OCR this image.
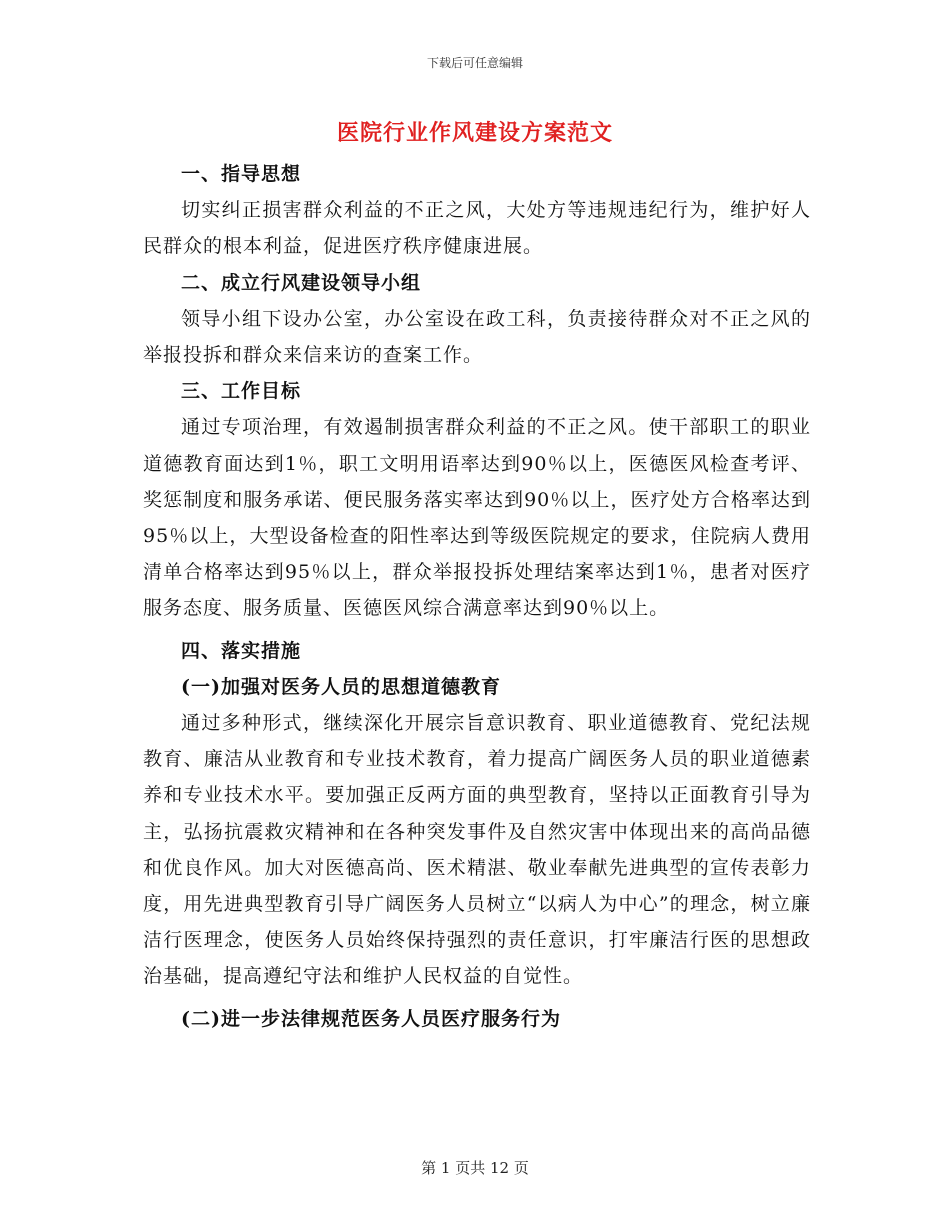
下载后可任意编辑
医院行业作风建设方案范文

一、指导思想

切实纠正损害群众利益的不正之风，大处方等违规违纪行为，维护好人民群众的根本利益，促进医疗秩序健康进展。

二、成立行风建设领导小组

领导小组下设办公室，办公室设在政工科，负责接待群众对不正之风的举报投拆和群众来信来访的查案工作。

三、工作目标

通过专项治理，有效遏制损害群众利益的不正之风。使干部职工的职业道德教育面达到1％，职工文明用语率达到90％以上，医德医风检查考评、奖惩制度和服务承诺、便民服务落实率达到90％以上，医疗处方合格率达到95％以上，大型设备检查的阳性率达到等级医院规定的要求，住院病人费用清单合格率达到95％以上，群众举报投拆处理结案率达到1％，患者对医疗服务态度、服务质量、医德医风综合满意率达到90％以上。

四、落实措施

(一)加强对医务人员的思想道德教育

通过多种形式，继续深化开展宗旨意识教育、职业道德教育、党纪法规教育、廉洁从业教育和专业技术教育，着力提高广阔医务人员的职业道德素养和专业技术水平。要加强正反两方面的典型教育，坚持以正面教育引导为主，弘扬抗震救灾精神和在各种突发事件及自然灾害中体现出来的高尚品德和优良作风。加大对医德高尚、医术精湛、敬业奉献先进典型的宣传表彰力度，用先进典型教育引导广阔医务人员树立“以病人为中心”的理念，树立廉洁行医理念，使医务人员始终保持强烈的责任意识，打牢廉洁行医的思想政治基础，提高遵纪守法和维护人民权益的自觉性。

(二)进一步法律规范医务人员医疗服务行为

第 1 页共 12 页
